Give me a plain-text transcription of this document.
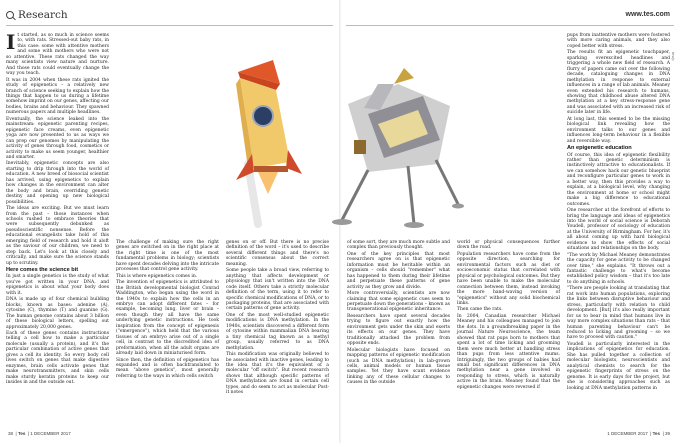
Research	www.tes.com
tes/p

It started, as so much in science seems to, with rats. Stressed-out baby rats, in this case: some with attentive mothers and some with mothers who were not so attentive. These rats changed the way many scientists view nature and nurture. And those rats could eventually change the way you teach.

It was in 2004 when these rats ignited the study of epigenetics – a relatively new branch of science seeking to explain how the things that happen to us during a lifetime somehow imprint on our genes, affecting our bodies, brains and behaviour. They spawned numerous papers and multiple headlines.

Eventually, the science leaked into the mainstream: epigenetic parenting recipes, epigenetic face creams, even epigenetic yoga are now presented to us as ways we can prep our genomes by manipulating the activity of genes through food, cosmetics or activity to make us seem younger, healthier and smarter.

Inevitably, epigenetic concepts are also starting to drip through into the world of education. A new breed of biosocial scientist has arrived, using epigenetics to explain how changes in the environment can alter the body and brain, overriding genetic destiny and opening up new biological possibilities.

The ideas are exciting. But we must learn from the past – those instances when schools rushed to embrace theories that were subsequently debunked as pseudoscientific nonsense. Before the educational evangelists take hold of this emerging field of research and hold it aloft as the saviour of our children, we need to step back. Let's look at this closely and critically, and make sure the science stands up to scrutiny.

Here comes the science bit

In just a single genetics is the study of what you've got written in your DNA, and epigenetics is about what your body does with it.

DNA is made up of four chemical building blocks, known as bases: adenine (A), cytosine (C), thymine (T) and guanine (G). The human genome contains about 3 billion of these biological letters, spelling out approximately 20,000 genes.

Each of these genes contains instructions telling a cell how to make a particular molecule (usually a protein), and it's the particular combination of active genes that gives a cell its identity. So every body cell lives switch on genes that make digestive enzymes, brain cells activate genes that make neurotransmitters, and skin cells make sturdy keratin proteins to keep our insides in and the outside out.

The challenge of making sure the right genes are switched on in the right place at the right time is one of the most fundamental problems in biology; scientists have spent decades delving into the intricate processes that control gene activity.

This is where epigenetics comes in.

The invention of epigenetics is attributed to the British developmental biologist Conrad Waddington, who began using the word in the 1940s to explain how the cells in an embryo can adopt different fates – for example, becoming lung, liver or brain – even though they all have the same underlying genetic instructions. He took inspiration from the concept of epigenesis ("emergence"), which held that the various tissues of an embryo arise out of a single cell, in contrast to the discredited idea of preformation, when all the adult organs are already laid down in miniaturised form.

Since then, the definition of epigenetics has expanded and is often backtranslated to mean "above genetics", most generally referring to the ways in which cells switch

genes on or off. But there is no precise definition of the word – it's used to describe several different things and there's no scientific consensus about the correct meaning.

Some people take a broad view, referring to anything that affects development or physiology that isn't written into the DNA code itself. Others take a strictly molecular definition of the term, using it to refer to specific chemical modifications of DNA, or to packaging proteins, that are associated with certain patterns of gene activity.

One of the most well-studied epigenetic modifications is DNA methylation. In the 1940s, scientists discovered a different form of cytosine within mammalian DNA bearing a tiny chemical tag known as a methyl group, usually referred to as DNA methylation.

This modification was originally believed to be associated with inactive genes, leading to the idea that it's the equivalent of a molecular "off switch". But recent research shows that although specific patterns of DNA methylation are found in certain cell types, and do seem to act as molecular Post-it notes

of some sort, they are much more subtle and complex than previously thought.

One of the key principles that most researchers agree on is that epigenetic information must be heritable within an organism – cells should "remember" what has happened to them during their lifetime and perpetuate these patterns of gene activity as they grow and divide.

More controversially, scientists are now claiming that some epigenetic cues seem to perpetuate down the generations – known as transgenerational epigenetic inheritance.

Researchers have spent several decades trying to figure out exactly how the environment gets under the skin and exerts its effects on our genes. They have traditionally attacked the problem from opposite ends.

Molecular biologists have focused on mapping patterns of epigenetic modification (such as DNA methylation) in lab-grown cells, animal models or human tissue samples. Yet they have scant evidence linking any of these cellular changes to causes in the outside

world or physical consequences further down the road.

Population researchers have come from the opposite direction, searching for environmental factors such as diet or socioeconomic status that correlated with physical or psychological outcomes. But they have been unable to make the molecular connection between them, instead invoking the more hand-waving version of "epigenetics" without any solid biochemical links.

Then came the rats.

In 2004, Canadian researcher Michael Meaney and his colleagues managed to join the dots. In a groundbreaking paper in the journal Nature Neuroscience, the team showed that rat pups born to mothers that spent a lot of time licking and grooming them were much better at handling stress than pups from less attentive mums. Intriguingly, the two groups of babies had small but significant differences in DNA methylation near a gene involved in responding to stress, which is naturally active in the brain. Meaney found that the epigenetic changes were reversed if

pups from inattentive mothers were fostered with more caring animals, and they also coped better with stress.

The results fit an epigenetic touchpaper, sparking overexcited headlines and triggering a whole new field of research. A flurry of papers came out over the following decade, cataloguing changes in DNA methylation in response to external influences in a range of lab animals. Meaney even extended his research to humans, showing that childhood abuse altered DNA methylation at a key stress-response gene and was associated with an increased risk of suicide later in life.

At long last, this seemed to be the missing biological link revealing how the environment talks to our genes and influences long-term behaviour in a flexible and reversible way.

An epigenetic education

Of course, this idea of epigenetic flexibility rather than genetic determinism is instinctively attractive to educationalists. If we can somehow hack our genetic blueprint and reconfigure particular genes to work in a better way, then this provides a way to explain, at a biological level, why changing the environment at home or school might make a big difference to educational outcomes.

One researcher at the forefront of efforts to bring the language and ideas of epigenetics into the world of social science is Deborah Youdell, professor of sociology of education at the University of Birmingham. For her, it's all about coming up with hard biological evidence to show the effects of social situations and relationships on the body.

"The work by Michael Meaney demonstrates the capacity for gene activity to be changed over time," she explains. "It throws out a fantastic challenge to what's become established policy wisdom – that it's too late to do anything in schools.

"There are people looking at translating that rat work into human populations, exploring the links between disruptive behaviour and stress, particularly with relation to child development. [But] it's also really important for us to bear in mind that humans live in way more complex situations than rats – that human parenting behaviour can't be reduced to licking and grooming – so we have to proceed with caution."

Youdell is particularly interested in the implications of epigenetics for education. She has pulled together a collection of molecular biologists, neuroscientists and analytical chemists to search for the epigenetic fingerprints of stress on the genome. It is early days for the project, but she is considering approaches such as looking at DNA methylation patterns in

38  | Tes  | 1 DECEMBER 2017	1 DECEMBER 2017  | Tes  | 39
